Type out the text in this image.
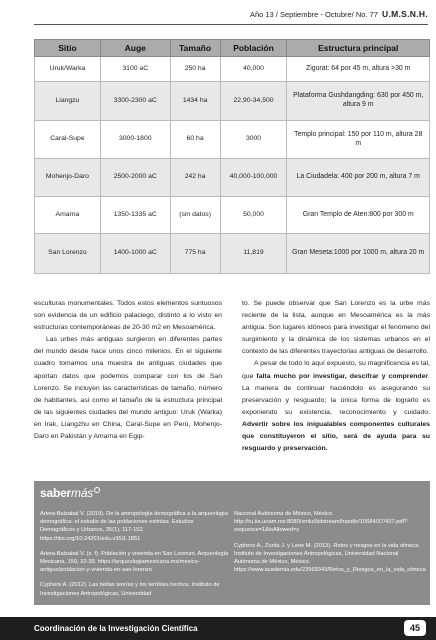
Año 13 / Septiembre - Octubre/ No. 77 U.M.S.N.H.
Sitio	Auge	Tamaño	Población	Estructura principal
Uruk/Warka	3100 aC	250 ha	40,000	Zigurat: 64 por 45 m, altura >30 m
Liangzu	3300-2300 aC	1434 ha	22,90-34,500	Plataforma Gushdangding: 630 por 450 m, altura 9 m
Caral-Supe	3000-1800	60 ha	3000	Templo principal: 150 por 110 m, altura 28 m
Mohenjo-Daro	2500-2000 aC	242 ha	40,000-100,000	La Ciudadela: 400 por 200 m, altura 7 m
Amarna	1350-1335 aC	(sin datos)	50,000	Gran Templo de Aten:800 por 300 m
San Lorenzo	1400-1000 aC	775 ha	11,819	Gran Meseta:1000 por 1000 m, altura 20 m

esculturas monumentales. Todos estos elementos suntuosos son evidencia de un edificio palaciego, distinto a lo visto en estructuras contemporáneas de 20-30 m2 en Mesoamérica.

Las urbes más antiguas surgieron en diferentes partes del mundo desde hace unos cinco milenios. En el siguiente cuadro tomamos una muestra de antiguas ciudades que aportan datos que podemos comparar con los de San Lorenzo. Se incluyen las características de tamaño, número de habitantes, así como el tamaño de la estructura principal de las siguientes ciudades del mundo antiguo: Uruk (Warka) en Irak, Liangzhu en China, Caral-Supe en Perú, Mohenjo-Daro en Pakistán y Amarna en Egip-

to. Se puede observar que San Lorenzo es la urbe más reciente de la lista, aunque en Mesoamérica es la más antigua. Son lugares idóneos para investigar el fenómeno del surgimiento y la dinámica de los sistemas urbanos en el contexto de las diferentes trayectorias antiguas de desarrollo.

A pesar de todo lo aquí expuesto, su magnificencia es tal, que falta mucho por investigar, descifrar y comprender. La manera de continuar haciéndolo es asegurando su preservación y resguardo; la única forma de lograrlo es exponiendo su existencia, reconocimiento y cuidado. Advertir sobre los inigualables componentes culturales que constituyeron el sitio, será de ayuda para su resguardo y preservación.

sabermás

Arieta-Baizabal V. (2019). De la antropología demográfica a la arqueología demográfica: el estudio de las poblaciones extintas. Estudios Demográficos y Urbanos, 35(1), 117-152. https://doi.org/10.24201/edu.v35i1.1851

Arieta-Baizabal V. (s. f). Población y vivienda en San Lorenzo. Arqueología Mexicana, 150, 32-39. https://arqueologiamexicana.mx/mexico-antiguo/poblacion-y-vivienda-en-san-lorenzo

Cyphers A. (2012). Las bellas teorías y los terribles hechos. Instituto de Investigaciones Antropológicas, Universidad

Nacional Autónoma de México, México. http://ru.iia.unam.mx:8080/xmlui/bitstream/handle/10684/37/437.pdf?sequence=1&isAllowed=y

Cyphers A., Zurita J. y Lane M. (2013). Retos y riesgos en la vida olmeca. Instituto de Investigaciones Antropológicas, Universidad Nacional Autónoma de México, México. https://www.academia.edu/23969343/Retos_y_Riesgos_en_la_vida_olmeca

Coordinación de la Investigación Científica	45
